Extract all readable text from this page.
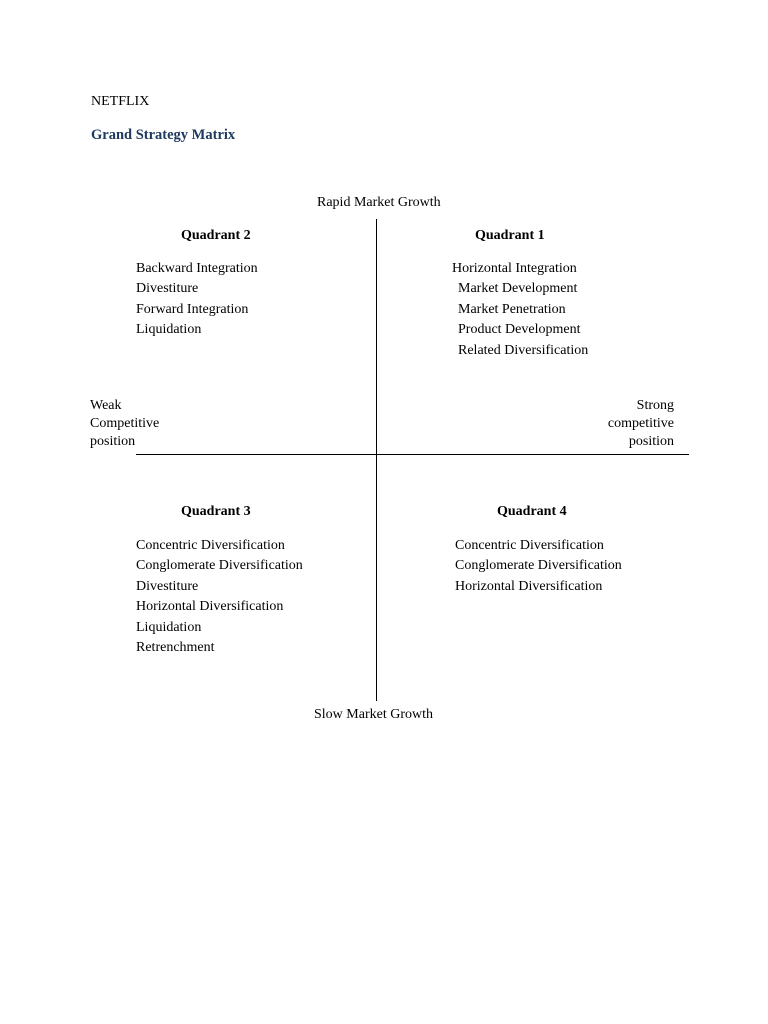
NETFLIX

Grand Strategy Matrix

Rapid Market Growth

Slow Market Growth

Weak
Competitive
position
Strong
competitive
position

Quadrant 2

Backward Integration
Divestiture
Forward Integration
Liquidation

Quadrant 1

Horizontal Integration
Market Development
Market Penetration
Product Development
Related Diversification

Quadrant 3

Concentric Diversification
Conglomerate Diversification
Divestiture
Horizontal Diversification
Liquidation
Retrenchment

Quadrant 4

Concentric Diversification
Conglomerate Diversification
Horizontal Diversification
